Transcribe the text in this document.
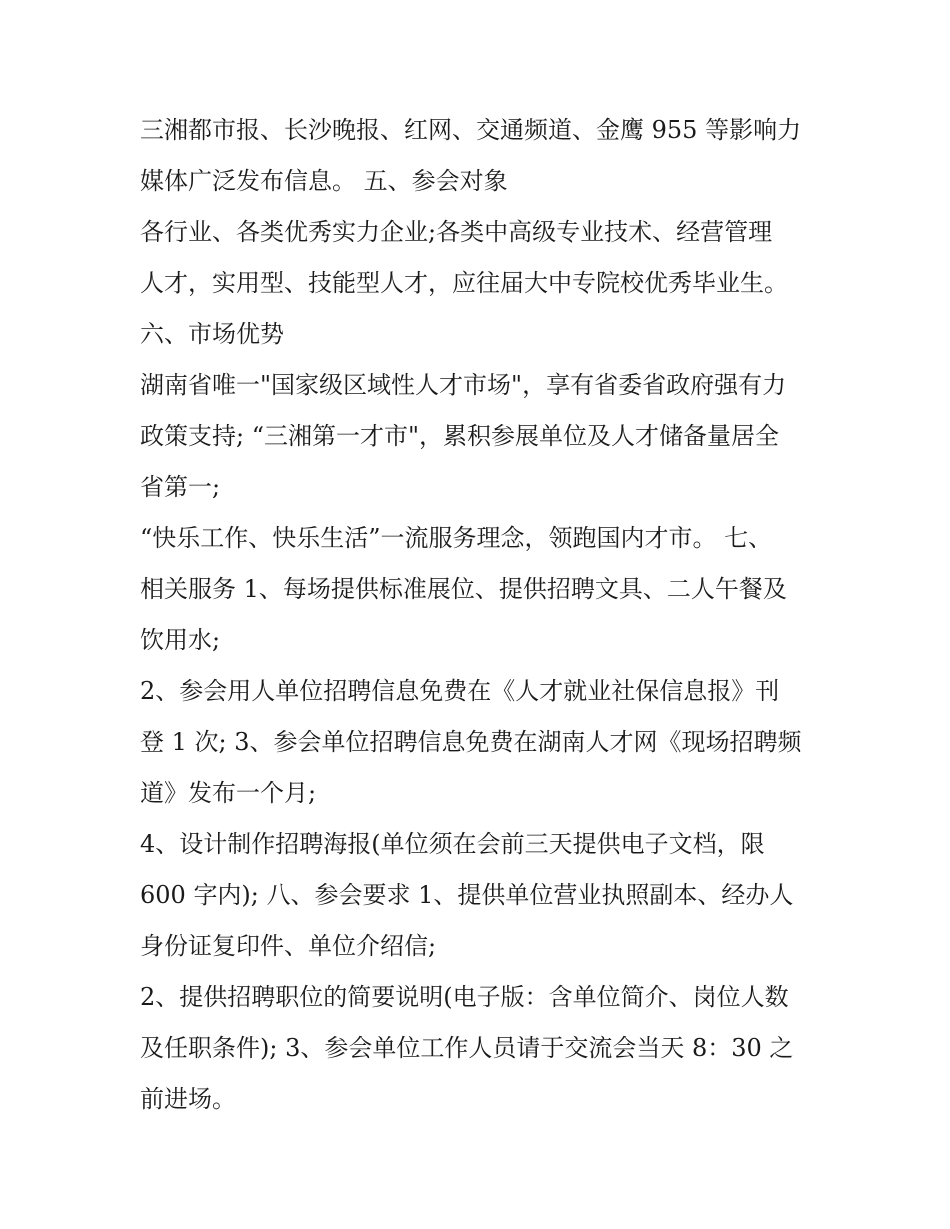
三湘都市报、长沙晚报、红网、交通频道、金鹰 955 等影响力
媒体广泛发布信息。 五、参会对象
各行业、各类优秀实力企业;各类中高级专业技术、经营管理
人才，实用型、技能型人才，应往届大中专院校优秀毕业生。
六、市场优势
湖南省唯一"国家级区域性人才市场"，享有省委省政府强有力
政策支持; “三湘第一才市"，累积参展单位及人才储备量居全
省第一;
“快乐工作、快乐生活”一流服务理念，领跑国内才市。 七、
相关服务 1、每场提供标准展位、提供招聘文具、二人午餐及
饮用水;
2、参会用人单位招聘信息免费在《人才就业社保信息报》刊
登 1 次; 3、参会单位招聘信息免费在湖南人才网《现场招聘频
道》发布一个月;
4、设计制作招聘海报(单位须在会前三天提供电子文档，限
600 字内); 八、参会要求 1、提供单位营业执照副本、经办人
身份证复印件、单位介绍信;
2、提供招聘职位的简要说明(电子版：含单位简介、岗位人数
及任职条件); 3、参会单位工作人员请于交流会当天 8：30 之
前进场。
